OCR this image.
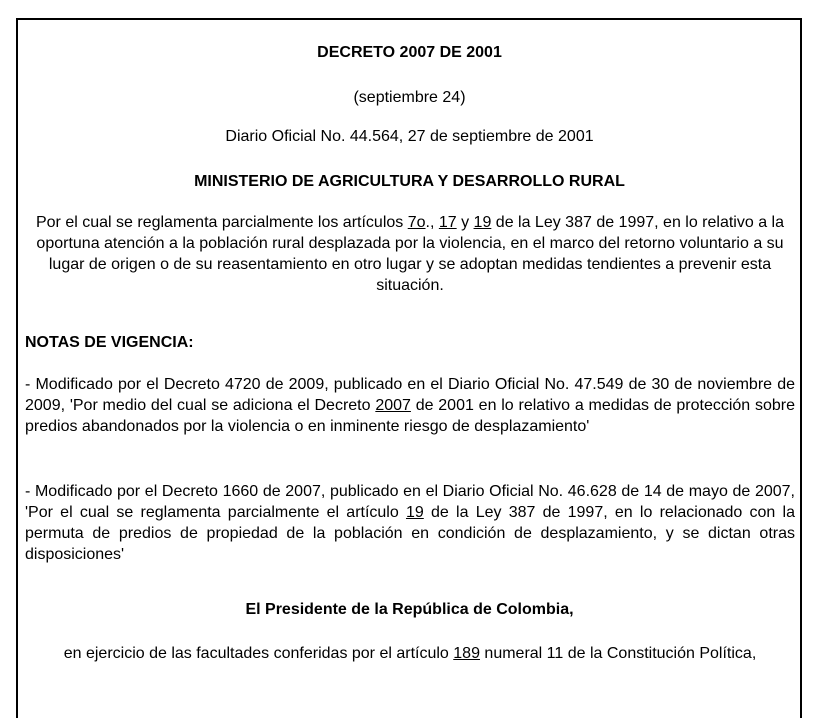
DECRETO 2007 DE 2001
(septiembre 24)
Diario Oficial No. 44.564, 27 de septiembre de 2001
MINISTERIO DE AGRICULTURA Y DESARROLLO RURAL
Por el cual se reglamenta parcialmente los artículos 7o., 17 y 19 de la Ley 387 de 1997, en lo relativo a la oportuna atención a la población rural desplazada por la violencia, en el marco del retorno voluntario a su lugar de origen o de su reasentamiento en otro lugar y se adoptan medidas tendientes a prevenir esta situación.
NOTAS DE VIGENCIA:
- Modificado por el Decreto 4720 de 2009, publicado en el Diario Oficial No. 47.549 de 30 de noviembre de 2009, 'Por medio del cual se adiciona el Decreto 2007 de 2001 en lo relativo a medidas de protección sobre predios abandonados por la violencia o en inminente riesgo de desplazamiento'
- Modificado por el Decreto 1660 de 2007, publicado en el Diario Oficial No. 46.628 de 14 de mayo de 2007, 'Por el cual se reglamenta parcialmente el artículo 19 de la Ley 387 de 1997, en lo relacionado con la permuta de predios de propiedad de la población en condición de desplazamiento, y se dictan otras disposiciones'
El Presidente de la República de Colombia,
en ejercicio de las facultades conferidas por el artículo 189 numeral 11 de la Constitución Política,
